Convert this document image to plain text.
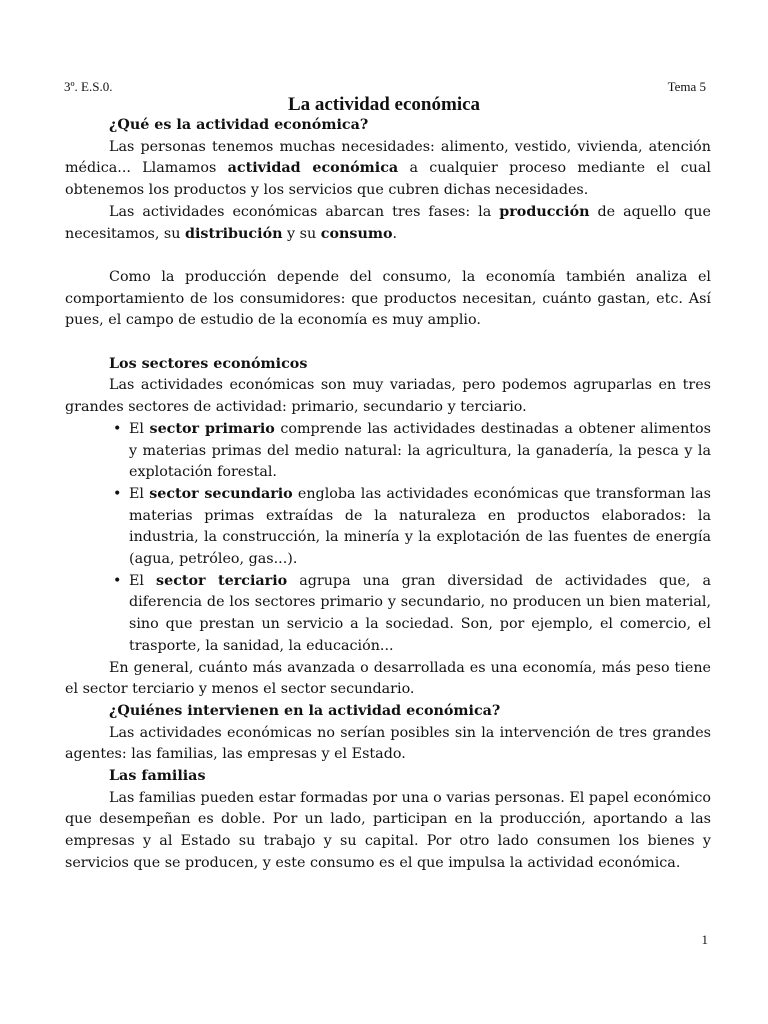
3º. E.S.0.	Tema 5
La actividad económica
¿Qué es la actividad económica?

Las personas tenemos muchas necesidades: alimento, vestido, vivienda, atención médica... Llamamos actividad económica a cualquier proceso mediante el cual obtenemos los productos y los servicios que cubren dichas necesidades.

Las actividades económicas abarcan tres fases: la producción de aquello que necesitamos, su distribución y su consumo.

Como la producción depende del consumo, la economía también analiza el comportamiento de los consumidores: que productos necesitan, cuánto gastan, etc. Así pues, el campo de estudio de la economía es muy amplio.

Los sectores económicos

Las actividades económicas son muy variadas, pero podemos agruparlas en tres grandes sectores de actividad: primario, secundario y terciario.

• El sector primario comprende las actividades destinadas a obtener alimentos y materias primas del medio natural: la agricultura, la ganadería, la pesca y la explotación forestal.
• El sector secundario engloba las actividades económicas que transforman las materias primas extraídas de la naturaleza en productos elaborados: la industria, la construcción, la minería y la explotación de las fuentes de energía (agua, petróleo, gas...).
• El sector terciario agrupa una gran diversidad de actividades que, a diferencia de los sectores primario y secundario, no producen un bien material, sino que prestan un servicio a la sociedad. Son, por ejemplo, el comercio, el trasporte, la sanidad, la educación...

En general, cuánto más avanzada o desarrollada es una economía, más peso tiene el sector terciario y menos el sector secundario.

¿Quiénes intervienen en la actividad económica?

Las actividades económicas no serían posibles sin la intervención de tres grandes agentes: las familias, las empresas y el Estado.

Las familias

Las familias pueden estar formadas por una o varias personas. El papel económico que desempeñan es doble. Por un lado, participan en la producción, aportando a las empresas y al Estado su trabajo y su capital. Por otro lado consumen los bienes y servicios que se producen, y este consumo es el que impulsa la actividad económica.

1
